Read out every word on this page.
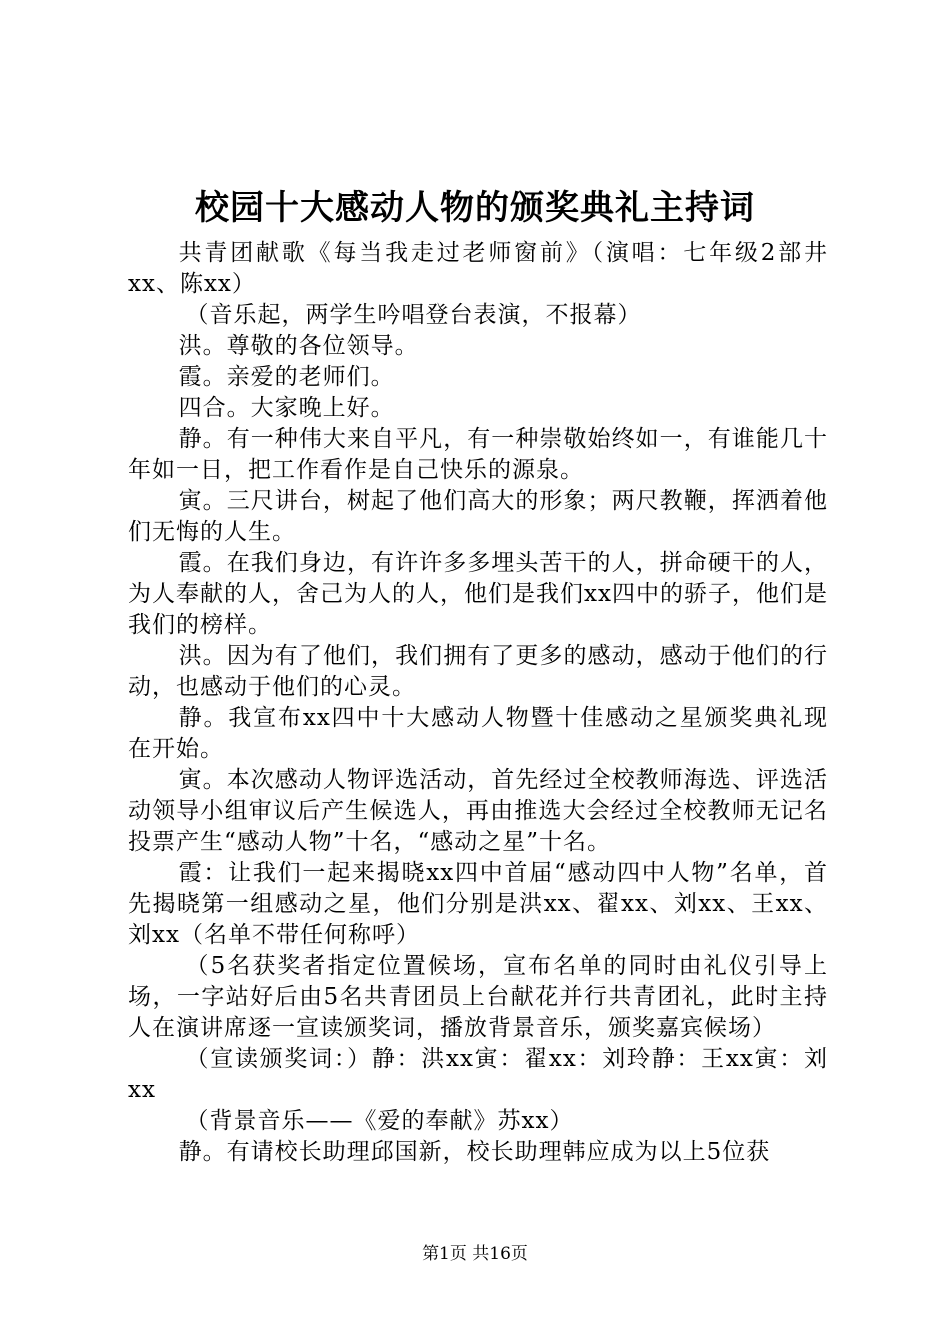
校园十大感动人物的颁奖典礼主持词

共青团献歌《每当我走过老师窗前》（演唱：七年级2部井xx、陈xx）

（音乐起，两学生吟唱登台表演，不报幕）

洪。尊敬的各位领导。

霞。亲爱的老师们。

四合。大家晚上好。

静。有一种伟大来自平凡，有一种崇敬始终如一，有谁能几十年如一日，把工作看作是自己快乐的源泉。

寅。三尺讲台，树起了他们高大的形象；两尺教鞭，挥洒着他们无悔的人生。

霞。在我们身边，有许许多多埋头苦干的人，拼命硬干的人，为人奉献的人，舍己为人的人，他们是我们xx四中的骄子，他们是我们的榜样。

洪。因为有了他们，我们拥有了更多的感动，感动于他们的行动，也感动于他们的心灵。

静。我宣布xx四中十大感动人物暨十佳感动之星颁奖典礼现在开始。

寅。本次感动人物评选活动，首先经过全校教师海选、评选活动领导小组审议后产生候选人，再由推选大会经过全校教师无记名投票产生“感动人物”十名，“感动之星”十名。

霞：让我们一起来揭晓xx四中首届“感动四中人物”名单，首先揭晓第一组感动之星，他们分别是洪xx、翟xx、刘xx、王xx、刘xx（名单不带任何称呼）

（5名获奖者指定位置候场，宣布名单的同时由礼仪引导上场，一字站好后由5名共青团员上台献花并行共青团礼，此时主持人在演讲席逐一宣读颁奖词，播放背景音乐，颁奖嘉宾候场）

（宣读颁奖词：）静：洪xx寅：翟xx：刘玲静：王xx寅：刘xx

（背景音乐——《爱的奉献》苏xx）

静。有请校长助理邱国新，校长助理韩应成为以上5位获

第1页 共16页
